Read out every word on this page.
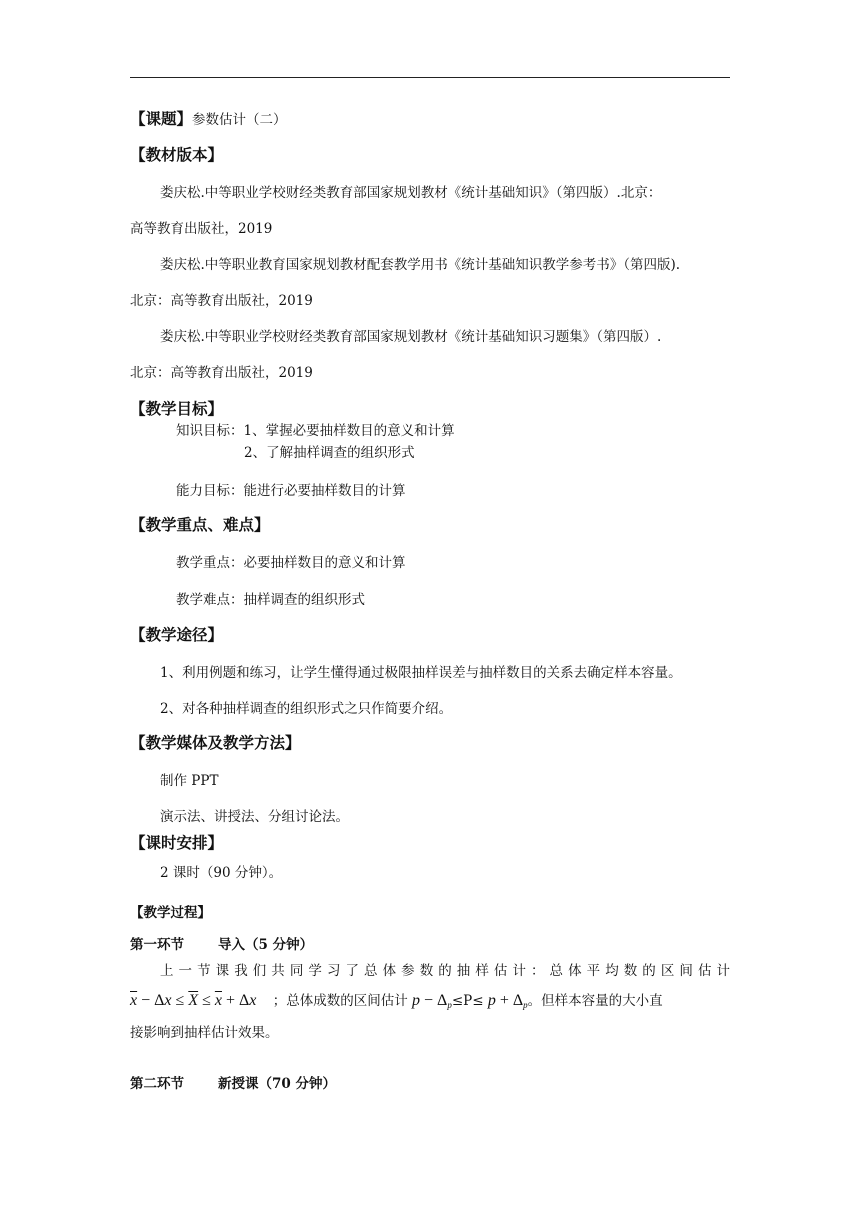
【课题】参数估计（二）
【教材版本】
娄庆松.中等职业学校财经类教育部国家规划教材《统计基础知识》（第四版）.北京：
高等教育出版社，2019
娄庆松.中等职业教育国家规划教材配套教学用书《统计基础知识教学参考书》（第四版).
北京：高等教育出版社，2019
娄庆松.中等职业学校财经类教育部国家规划教材《统计基础知识习题集》（第四版）.
北京：高等教育出版社，2019
【教学目标】
知识目标：1、掌握必要抽样数目的意义和计算
2、了解抽样调查的组织形式
能力目标：能进行必要抽样数目的计算
【教学重点、难点】
教学重点：必要抽样数目的意义和计算
教学难点：抽样调查的组织形式
【教学途径】
1、利用例题和练习，让学生懂得通过极限抽样误差与抽样数目的关系去确定样本容量。
2、对各种抽样调查的组织形式之只作简要介绍。
【教学媒体及教学方法】
制作 PPT
演示法、讲授法、分组讨论法。
【课时安排】
2 课时（90 分钟）。
【教学过程】
第一环节	导入（5 分钟）
上一节课我们共同学习了总体参数的抽样估计：总体平均数的区间估计
$\overline{x} - \Delta x \le \overline{X} \le \overline{x} + \Delta x$ ；总体成数的区间估计 $p - \Delta_p\le P\le p + \Delta_p$。但样本容量的大小直
接影响到抽样估计效果。
第二环节	新授课（70 分钟）
